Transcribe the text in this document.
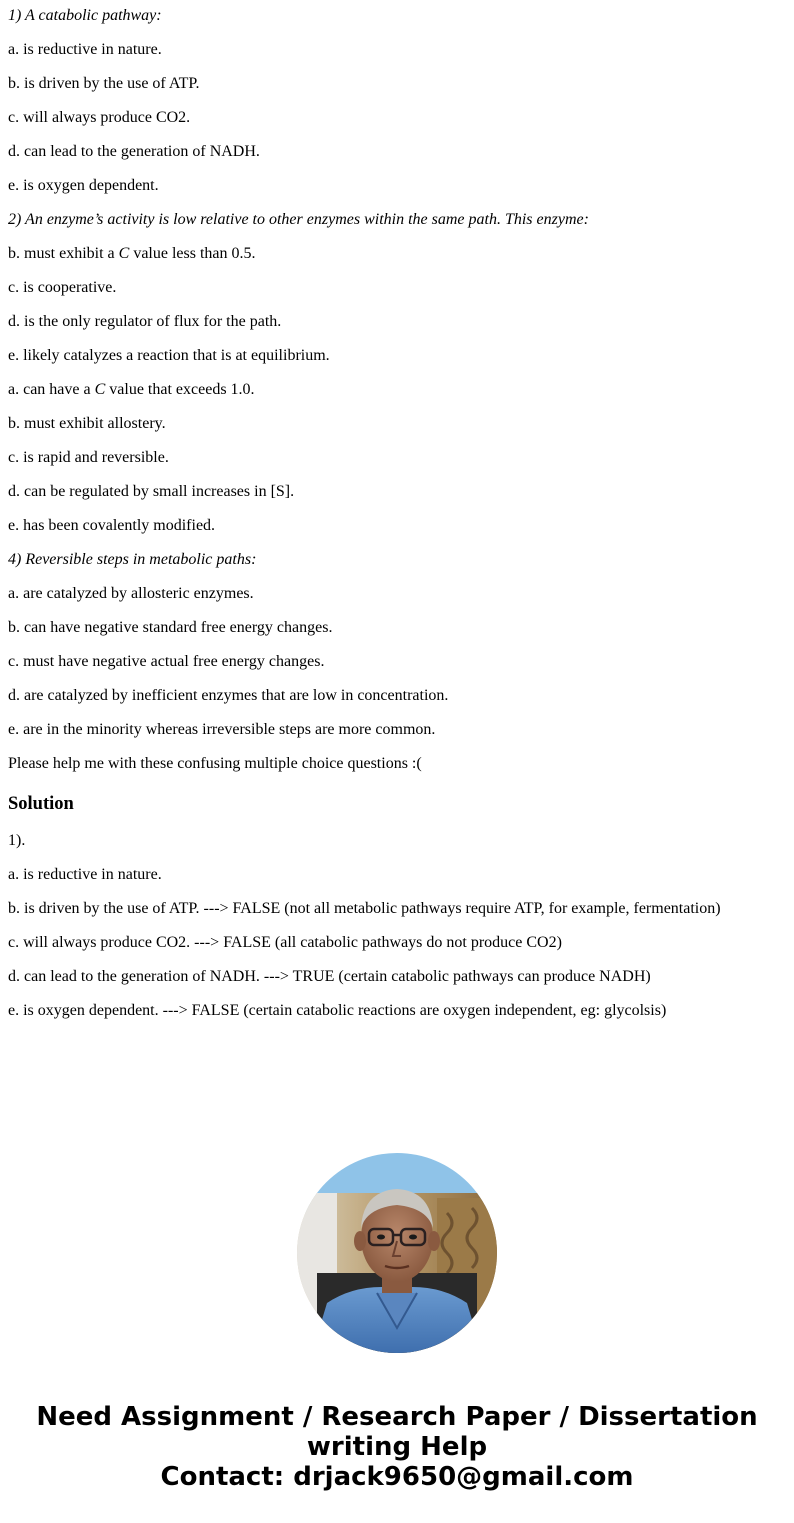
1) A catabolic pathway:
a. is reductive in nature.
b. is driven by the use of ATP.
c. will always produce CO2.
d. can lead to the generation of NADH.
e. is oxygen dependent.
2) An enzyme’s activity is low relative to other enzymes within the same path. This enzyme:
b. must exhibit a C value less than 0.5.
c. is cooperative.
d. is the only regulator of flux for the path.
e. likely catalyzes a reaction that is at equilibrium.
a. can have a C value that exceeds 1.0.
b. must exhibit allostery.
c. is rapid and reversible.
d. can be regulated by small increases in [S].
e. has been covalently modified.
4) Reversible steps in metabolic paths:
a. are catalyzed by allosteric enzymes.
b. can have negative standard free energy changes.
c. must have negative actual free energy changes.
d. are catalyzed by inefficient enzymes that are low in concentration.
e. are in the minority whereas irreversible steps are more common.
Please help me with these confusing multiple choice questions :(
Solution
1).
a. is reductive in nature.
b. is driven by the use of ATP. ---> FALSE (not all metabolic pathways require ATP, for example, fermentation)
c. will always produce CO2. ---> FALSE (all catabolic pathways do not produce CO2)
d. can lead to the generation of NADH. ---> TRUE (certain catabolic pathways can produce NADH)
e. is oxygen dependent. ---> FALSE (certain catabolic reactions are oxygen independent, eg: glycolsis)
Need Assignment / Research Paper / Dissertation
writing Help
Contact: drjack9650@gmail.com
